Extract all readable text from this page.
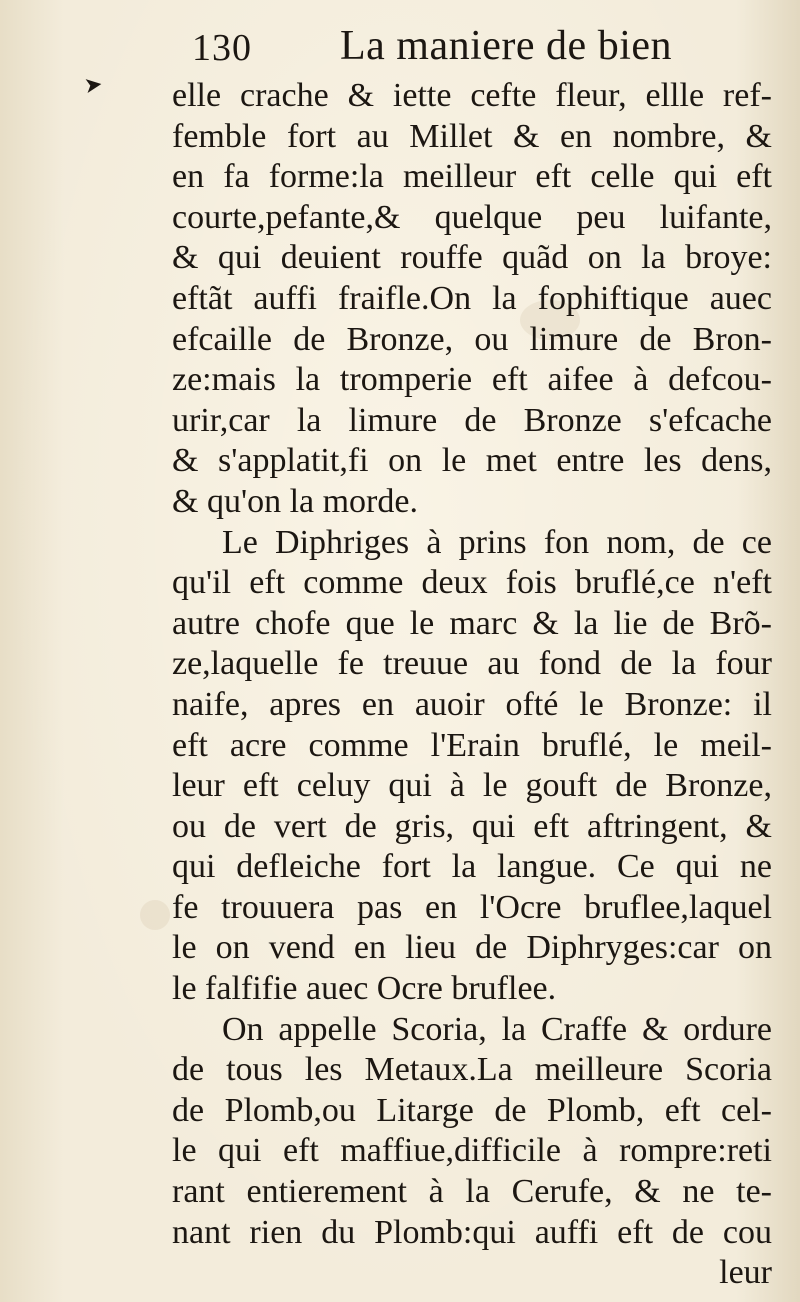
130 La maniere de bien
➤ elle crache & iette cefte fleur, ellle ref-
femble fort au Millet & en nombre, &
en fa forme:la meilleur eft celle qui eft
courte,pefante,& quelque peu luifante,
& qui deuient rouffe quãd on la broye:
eftãt auffi fraifle.On la fophiftique auec
efcaille de Bronze, ou limure de Bron-
ze:mais la tromperie eft aifee à defcou-
urir,car la limure de Bronze s'efcache
& s'applatit,fi on le met entre les dens,
& qu'on la morde.
Le Diphriges à prins fon nom, de ce
qu'il eft comme deux fois bruflé,ce n'eft
autre chofe que le marc & la lie de Brõ-
ze,laquelle fe treuue au fond de la four
naife, apres en auoir ofté le Bronze: il
eft acre comme l'Erain bruflé, le meil-
leur eft celuy qui à le gouft de Bronze,
ou de vert de gris, qui eft aftringent, &
qui defleiche fort la langue. Ce qui ne
fe trouuera pas en l'Ocre bruflee,laquel
le on vend en lieu de Diphryges:car on
le falfifie auec Ocre bruflee.
On appelle Scoria, la Craffe & ordure
de tous les Metaux.La meilleure Scoria
de Plomb,ou Litarge de Plomb, eft cel-
le qui eft maffiue,difficile à rompre:reti
rant entierement à la Cerufe, & ne te-
nant rien du Plomb:qui auffi eft de cou
leur
